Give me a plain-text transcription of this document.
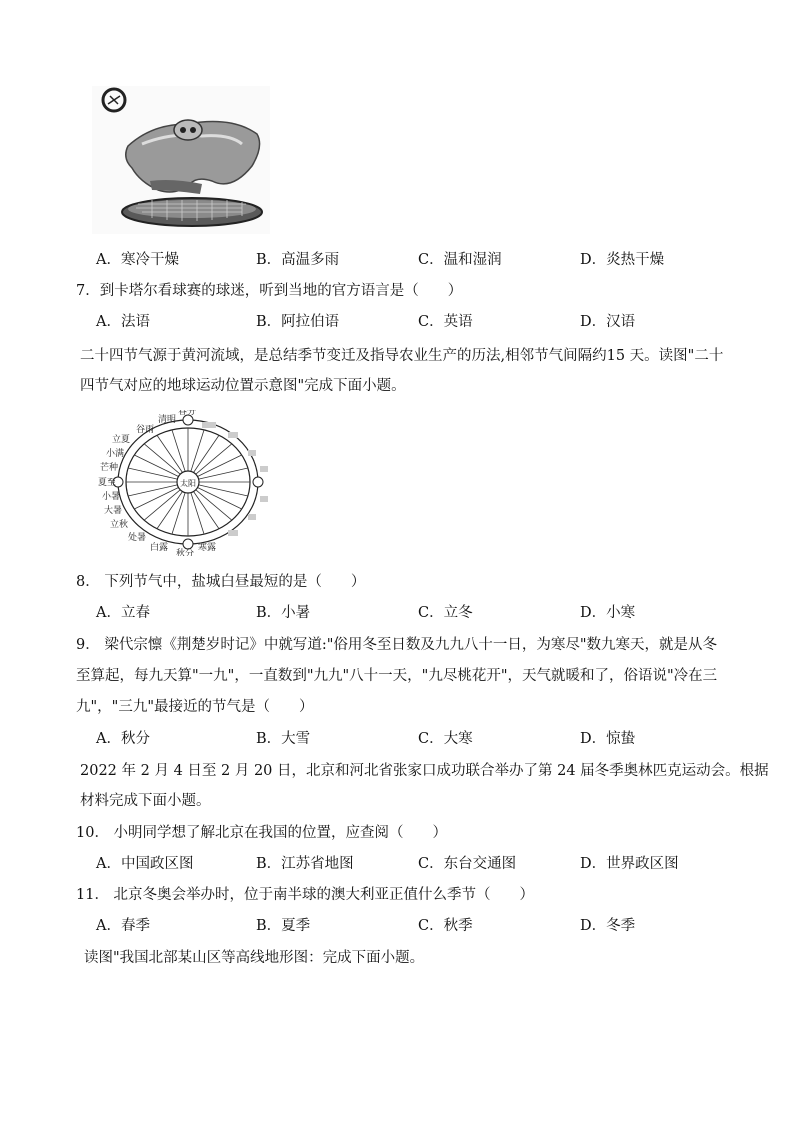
A．寒冷干燥	B．高温多雨	C．温和湿润	D．炎热干燥
7．到卡塔尔看球赛的球迷，听到当地的官方语言是（　　）
A．法语	B．阿拉伯语	C．英语	D．汉语
二十四节气源于黄河流域，是总结季节变迁及指导农业生产的历法,相邻节气间隔约15 天。读图"二十
四节气对应的地球运动位置示意图"完成下面小题。
太阳
谷雨
清明
春分
立夏
小满
芒种
夏至
小暑
大暑
立秋
处暑
白露
秋分
寒露
8． 下列节气中，盐城白昼最短的是（　　）
A．立春	B．小暑	C．立冬	D．小寒
9． 梁代宗懔《荆楚岁时记》中就写道:"俗用冬至日数及九九八十一日，为寒尽"数九寒天，就是从冬
至算起，每九天算"一九"，一直数到"九九"八十一天，"九尽桃花开"，天气就暖和了，俗语说"冷在三
九"，"三九"最接近的节气是（　　）
A．秋分	B．大雪	C．大寒	D．惊蛰
2022 年 2 月 4 日至 2 月 20 日，北京和河北省张家口成功联合举办了第 24 届冬季奥林匹克运动会。根据
材料完成下面小题。
10． 小明同学想了解北京在我国的位置，应查阅（　　）
A．中国政区图	B．江苏省地图	C．东台交通图	D．世界政区图
11． 北京冬奥会举办时，位于南半球的澳大利亚正值什么季节（　　）
A．春季	B．夏季	C．秋季	D．冬季
读图"我国北部某山区等高线地形图：完成下面小题。
